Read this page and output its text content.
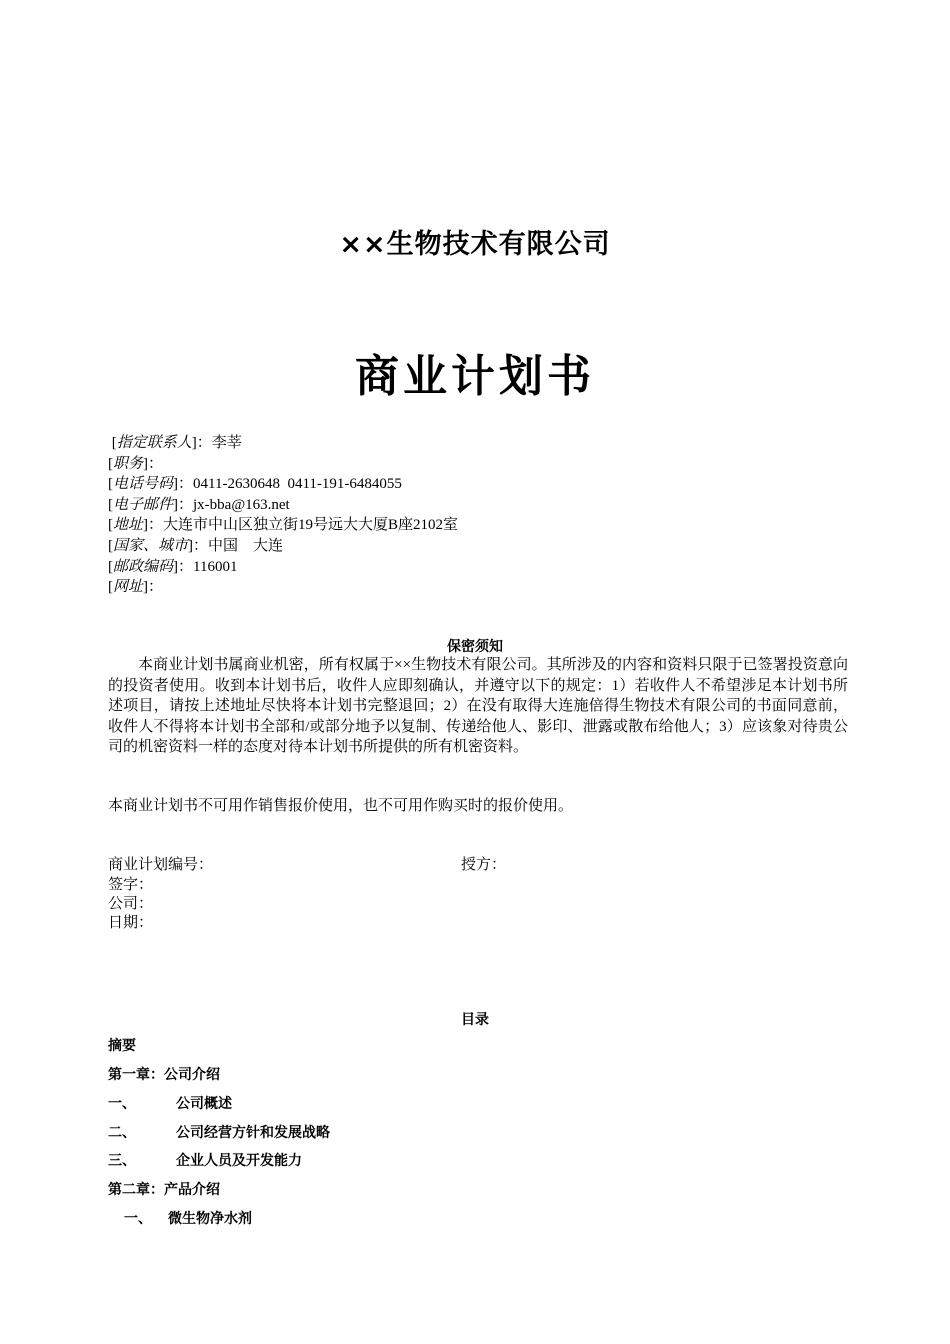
××生物技术有限公司
商业计划书
[指定联系人]：李莘
[职务]：
[电话号码]：0411-2630648  0411-191-6484055
[电子邮件]：jx-bba@163.net
[地址]：大连市中山区独立街19号远大大厦B座2102室
[国家、城市]：中国    大连
[邮政编码]：116001
[网址]：
保密须知
本商业计划书属商业机密，所有权属于××生物技术有限公司。其所涉及的内容和资料只限于已签署投资意向的投资者使用。收到本计划书后，收件人应即刻确认，并遵守以下的规定：1）若收件人不希望涉足本计划书所述项目，请按上述地址尽快将本计划书完整退回；2）在没有取得大连施倍得生物技术有限公司的书面同意前，收件人不得将本计划书全部和/或部分地予以复制、传递给他人、影印、泄露或散布给他人；3）应该象对待贵公司的机密资料一样的态度对待本计划书所提供的所有机密资料。
本商业计划书不可用作销售报价使用，也不可用作购买时的报价使用。
商业计划编号：	授方：
签字：
公司：
日期：
目录
摘要
第一章：公司介绍
一、	公司概述
二、	公司经营方针和发展战略
三、	企业人员及开发能力
第二章：产品介绍
一、 微生物净水剂
